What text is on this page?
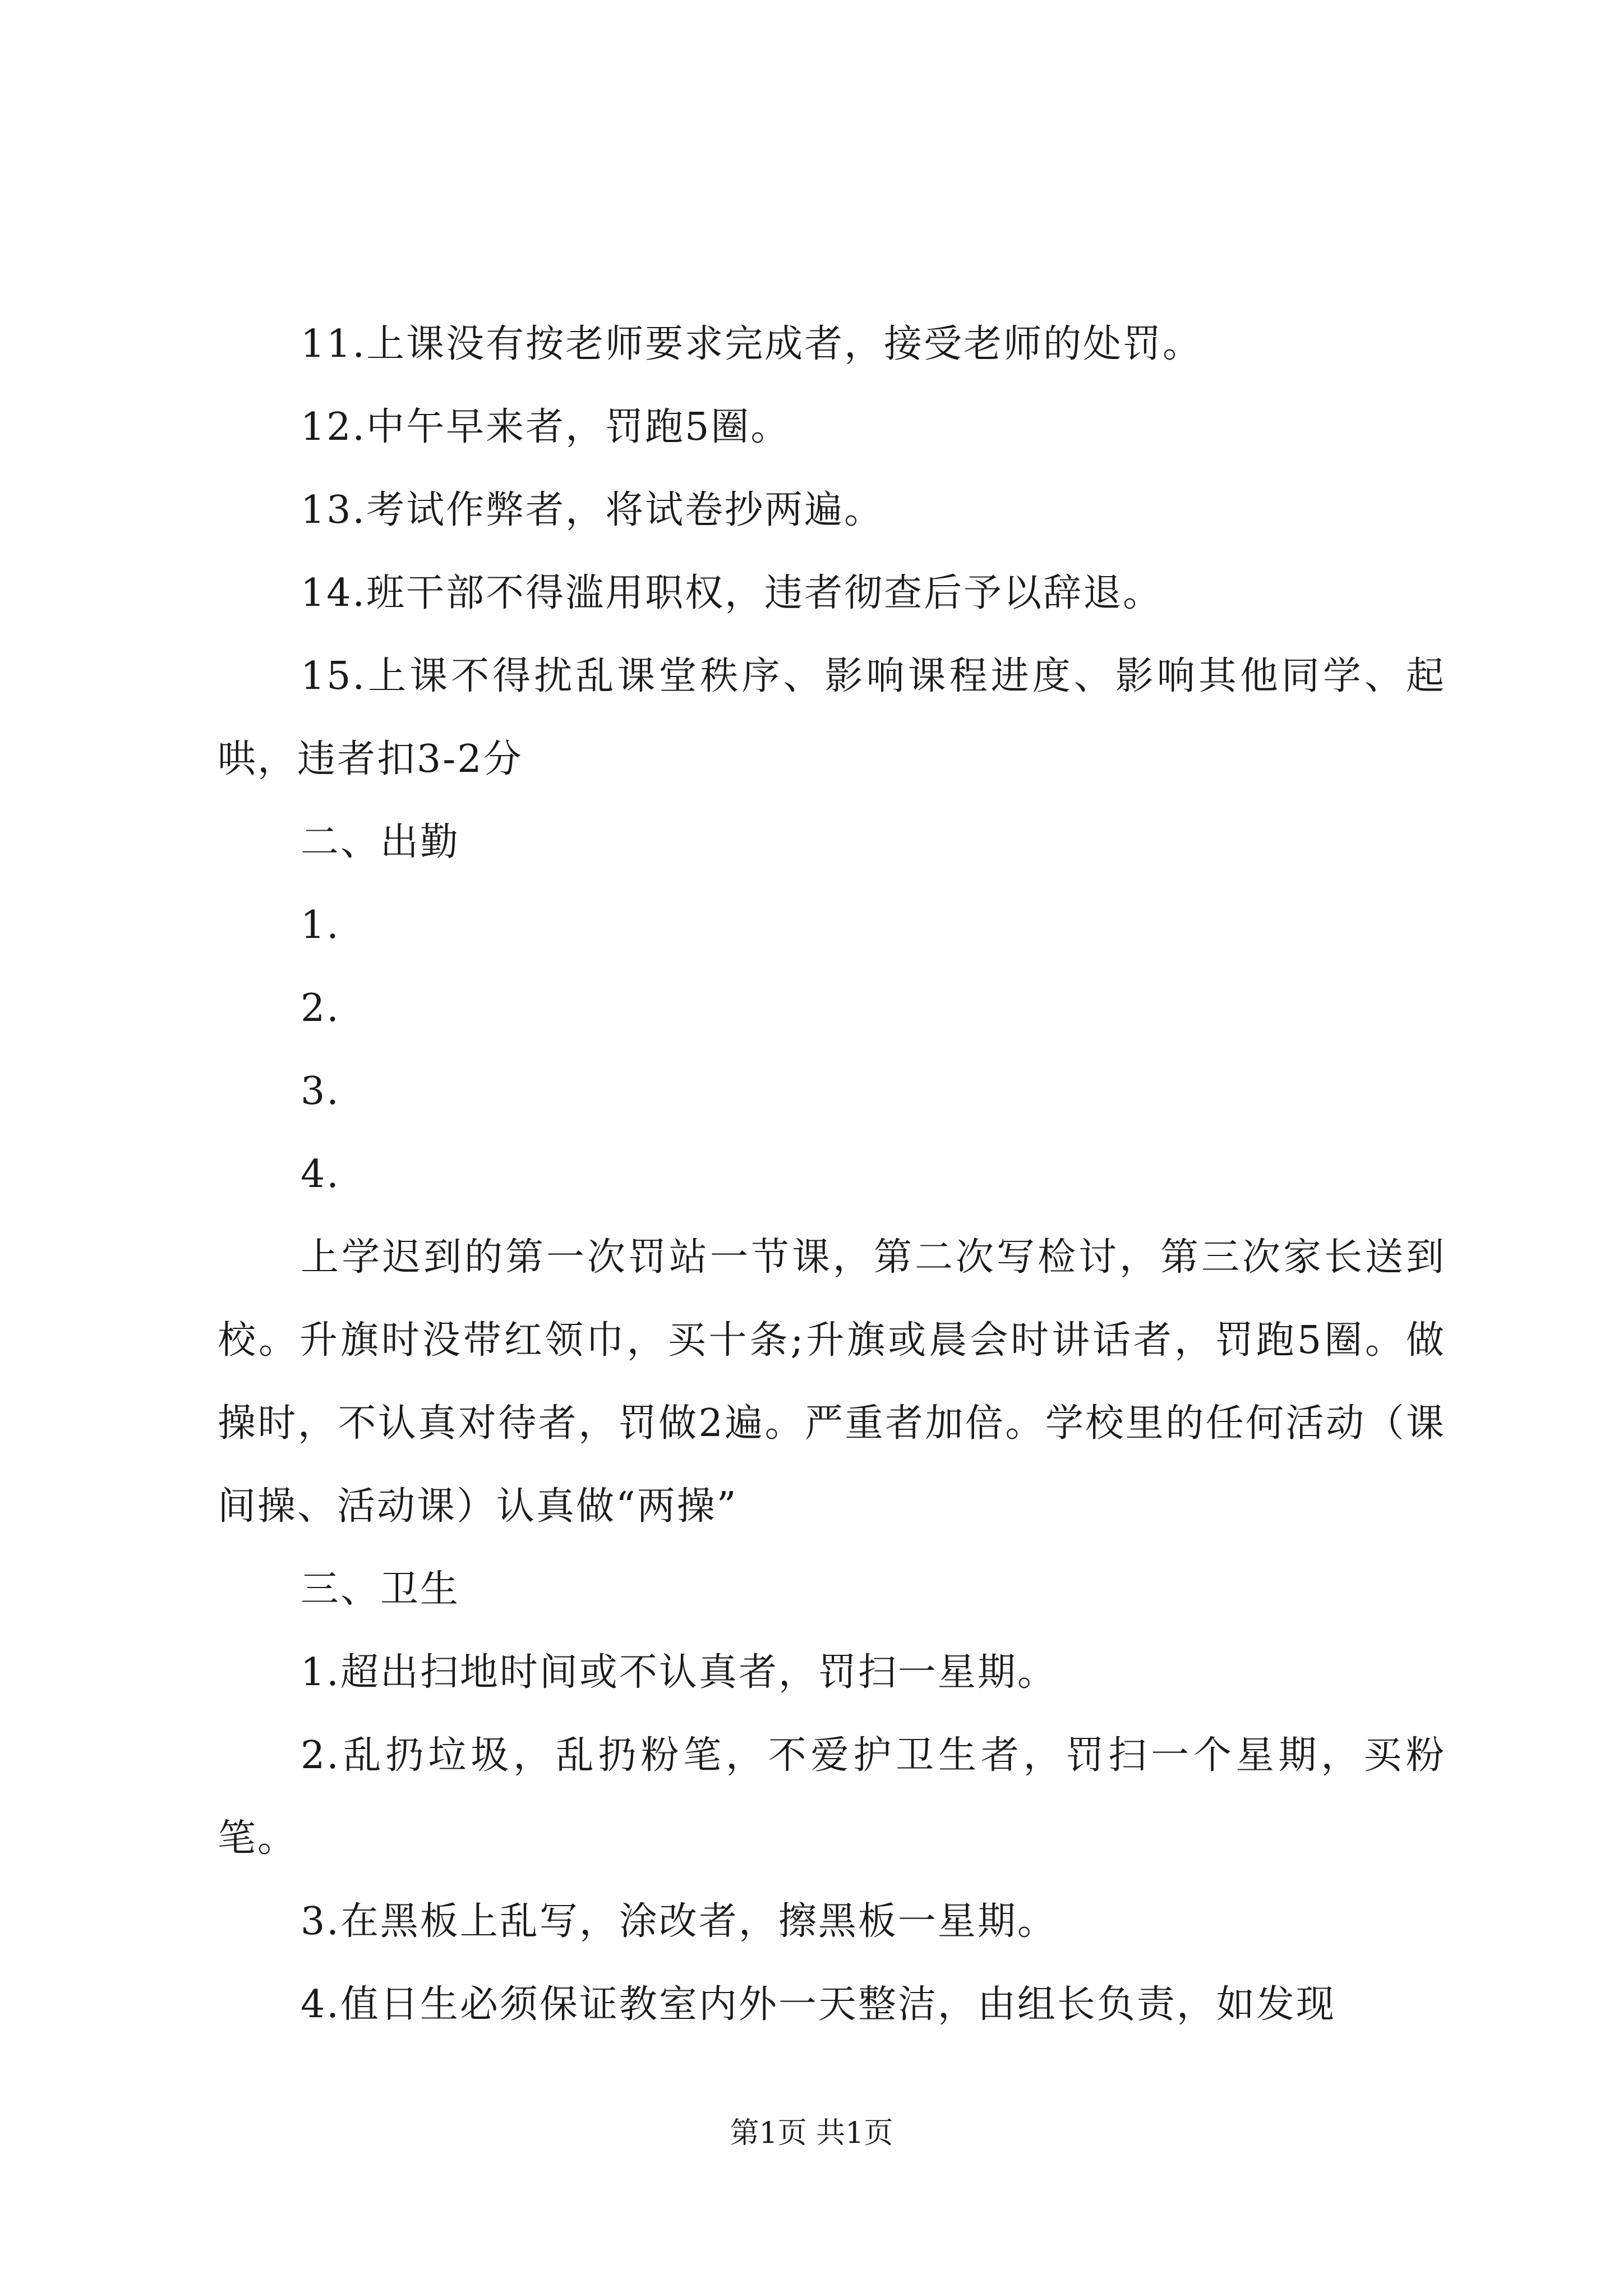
11.上课没有按老师要求完成者，接受老师的处罚。

12.中午早来者，罚跑5圈。

13.考试作弊者，将试卷抄两遍。

14.班干部不得滥用职权，违者彻查后予以辞退。

15.上课不得扰乱课堂秩序、影响课程进度、影响其他同学、起哄，违者扣3-2分

二、出勤

1.

2.

3.

4.

上学迟到的第一次罚站一节课，第二次写检讨，第三次家长送到校。升旗时没带红领巾，买十条;升旗或晨会时讲话者，罚跑5圈。做操时，不认真对待者，罚做2遍。严重者加倍。学校里的任何活动（课间操、活动课）认真做“两操”

三、卫生

1.超出扫地时间或不认真者，罚扫一星期。

2.乱扔垃圾，乱扔粉笔，不爱护卫生者，罚扫一个星期，买粉笔。

3.在黑板上乱写，涂改者，擦黑板一星期。

4.值日生必须保证教室内外一天整洁，由组长负责，如发现

第1页 共1页
